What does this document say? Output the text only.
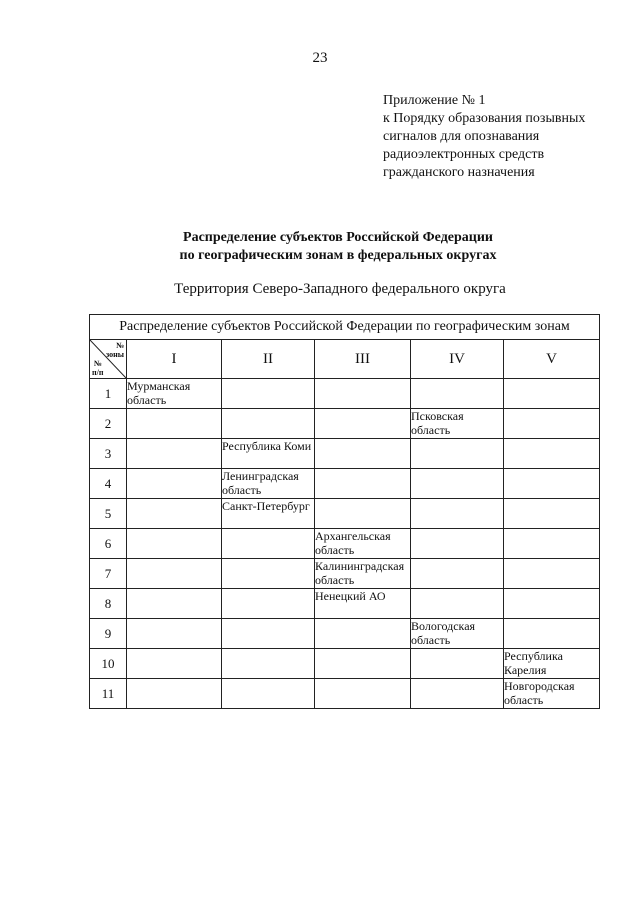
23
Приложение № 1
к Порядку образования позывных
сигналов для опознавания
радиоэлектронных средств
гражданского назначения
Распределение субъектов Российской Федерации
по географическим зонам в федеральных округах
Территория Северо-Западного федерального округа
Распределение субъектов Российской Федерации по географическим зонам					

№
зоны
№
п/п	I	II	III	IV	V
1	Мурманская область				
2				Псковская область	
3		Республика Коми			
4		Ленинградская область			
5		Санкт-Петербург			
6			Архангельская область		
7			Калининградская область		
8			Ненецкий АО		
9				Вологодская область	
10					Республика Карелия
11					Новгородская область
